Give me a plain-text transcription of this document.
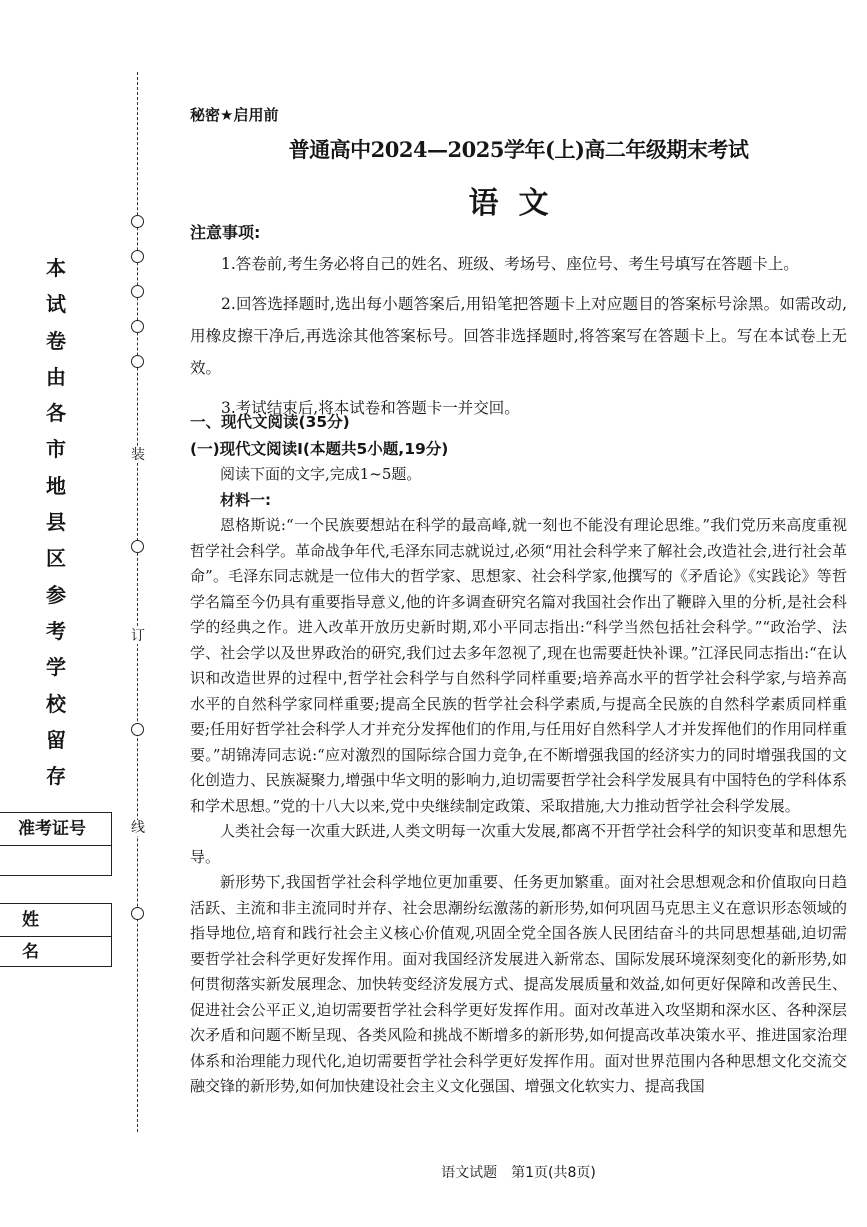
本
试
卷
由
各
市
地
县
区
参
考
学
校
留
存
准考证号
姓名
装
订
线
秘密★启用前
普通高中2024—2025学年(上)高二年级期末考试
语文
注意事项:

1.答卷前,考生务必将自己的姓名、班级、考场号、座位号、考生号填写在答题卡上。

2.回答选择题时,选出每小题答案后,用铅笔把答题卡上对应题目的答案标号涂黑。如需改动,用橡皮擦干净后,再选涂其他答案标号。回答非选择题时,将答案写在答题卡上。写在本试卷上无效。

3.考试结束后,将本试卷和答题卡一并交回。

一、现代文阅读(35分)
(一)现代文阅读Ⅰ(本题共5小题,19分)

阅读下面的文字,完成1~5题。

材料一:

恩格斯说:“一个民族要想站在科学的最高峰,就一刻也不能没有理论思维。”我们党历来高度重视哲学社会科学。革命战争年代,毛泽东同志就说过,必须“用社会科学来了解社会,改造社会,进行社会革命”。毛泽东同志就是一位伟大的哲学家、思想家、社会科学家,他撰写的《矛盾论》《实践论》等哲学名篇至今仍具有重要指导意义,他的许多调查研究名篇对我国社会作出了鞭辟入里的分析,是社会科学的经典之作。进入改革开放历史新时期,邓小平同志指出:“科学当然包括社会科学。”“政治学、法学、社会学以及世界政治的研究,我们过去多年忽视了,现在也需要赶快补课。”江泽民同志指出:“在认识和改造世界的过程中,哲学社会科学与自然科学同样重要;培养高水平的哲学社会科学家,与培养高水平的自然科学家同样重要;提高全民族的哲学社会科学素质,与提高全民族的自然科学素质同样重要;任用好哲学社会科学人才并充分发挥他们的作用,与任用好自然科学人才并发挥他们的作用同样重要。”胡锦涛同志说:“应对激烈的国际综合国力竞争,在不断增强我国的经济实力的同时增强我国的文化创造力、民族凝聚力,增强中华文明的影响力,迫切需要哲学社会科学发展具有中国特色的学科体系和学术思想。”党的十八大以来,党中央继续制定政策、采取措施,大力推动哲学社会科学发展。

人类社会每一次重大跃进,人类文明每一次重大发展,都离不开哲学社会科学的知识变革和思想先导。

新形势下,我国哲学社会科学地位更加重要、任务更加繁重。面对社会思想观念和价值取向日趋活跃、主流和非主流同时并存、社会思潮纷纭激荡的新形势,如何巩固马克思主义在意识形态领域的指导地位,培育和践行社会主义核心价值观,巩固全党全国各族人民团结奋斗的共同思想基础,迫切需要哲学社会科学更好发挥作用。面对我国经济发展进入新常态、国际发展环境深刻变化的新形势,如何贯彻落实新发展理念、加快转变经济发展方式、提高发展质量和效益,如何更好保障和改善民生、促进社会公平正义,迫切需要哲学社会科学更好发挥作用。面对改革进入攻坚期和深水区、各种深层次矛盾和问题不断呈现、各类风险和挑战不断增多的新形势,如何提高改革决策水平、推进国家治理体系和治理能力现代化,迫切需要哲学社会科学更好发挥作用。面对世界范围内各种思想文化交流交融交锋的新形势,如何加快建设社会主义文化强国、增强文化软实力、提高我国

语文试题 第1页(共8页)
